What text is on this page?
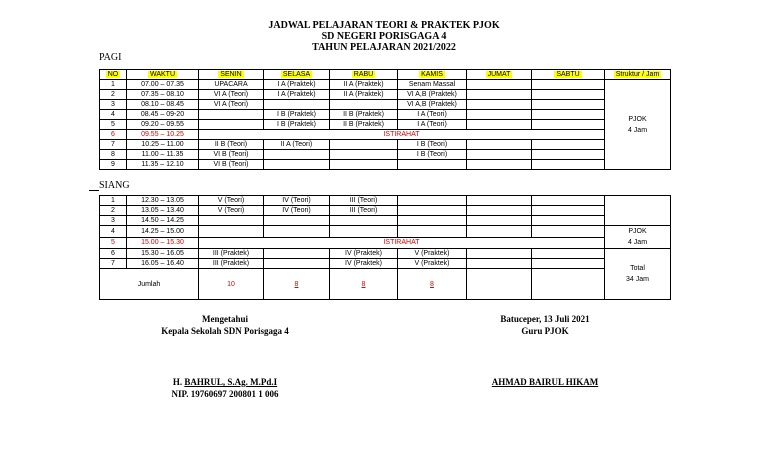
JADWAL PELAJARAN TEORI & PRAKTEK PJOK
SD NEGERI PORISGAGA 4
TAHUN PELAJARAN 2021/2022
PAGI
NO	WAKTU	SENIN	SELASA	RABU	KAMIS	JUMAT	SABTU	Struktur / Jam
1	07.00 – 07.35	UPACARA	I A (Praktek)	II A (Praktek)	Senam Massal			PJOK
4 Jam

2	07.35 – 08.10	VI A (Teori)	I A (Praktek)	II A (Praktek)	VI A,B (Praktek)			
3	08.10 – 08.45	VI A (Teori)			VI A,B (Praktek)			
4	08.45 – 09-20		I B (Praktek)	II B (Praktek)	I A (Teori)			
5	09.20 – 09.55		I B (Praktek)	II B (Praktek)	I A (Teori)			
6	09.55 – 10.25	ISTIRAHAT						
7	10.25 – 11.00	II B (Teori)	II A (Teori)		I B (Teori)			
8	11.00 – 11.35	VI B (Teori)			I B (Teori)			
9	11.35 – 12.10	VI B (Teori)						
SIANG
1	12.30 – 13.05	V (Teori)	IV (Teori)	III (Teori)				
2	13.05 – 13.40	V (Teori)	IV (Teori)	III (Teori)				
3	14.50 – 14.25							
4	14.25 – 15.00							PJOK
4 Jam

5	15.00 – 15.30	ISTIRAHAT						
6	15.30 – 16.05	III (Praktek)		IV (Praktek)	V (Praktek)			Total
34 Jam

7	16.05 – 16.40	III (Praktek)		IV (Praktek)	V (Praktek)			
Jumlah		10	8	8	8			
Mengetahui
Kepala Sekolah SDN Porisgaga 4
H. BAHRUL, S.Ag. M.Pd.I
NIP. 19760697 200801 1 006
Batuceper, 13 Juli 2021
Guru PJOK
AHMAD BAIRUL HIKAM
